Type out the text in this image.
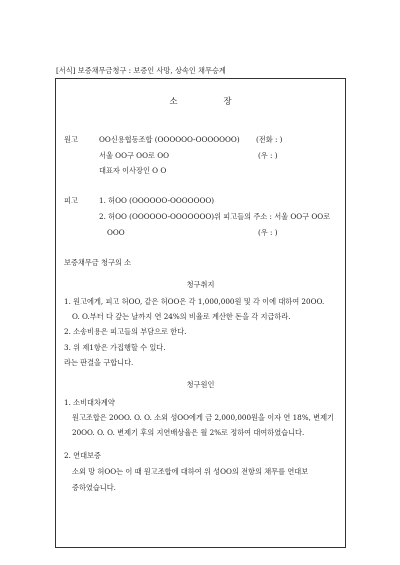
[서식] 보증채무금청구 : 보증인 사망, 상속인 채무승계
소	장
원고	OO신용협동조합 (OOOOOO-OOOOOOO) (전화 : )
서울 OO구 OO로 OO	(우 : )
대표자 이사장인 O O
피고	1. 허OO (OOOOOO-OOOOOOO)
2. 허OO (OOOOOO-OOOOOOO)위 피고들의 주소 : 서울 OO구 OO로
OOO	(우 : )
보증채무금 청구의 소
청구취지
1. 원고에게, 피고 허OO, 같은 허OO은 각 1,000,000원 및 각 이에 대하여 20OO.
O. O.부터 다 갚는 날까지 연 24%의 비율로 계산한 돈을 각 지급하라.
2. 소송비용은 피고들의 부담으로 한다.
3. 위 제1항은 가집행할 수 있다.
라는 판결을 구합니다.
청구원인
1. 소비대차계약
원고조합은 20OO. O. O. 소외 성OO에게 금 2,000,000원을 이자 연 18%, 변제기
20OO. O. O. 변제기 후의 지연배상율은 월 2%로 정하여 대여하였습니다.
2. 연대보증
소외 망 허OO는 이 때 원고조합에 대하여 위 성OO의 전항의 채무를 연대보
증하였습니다.
